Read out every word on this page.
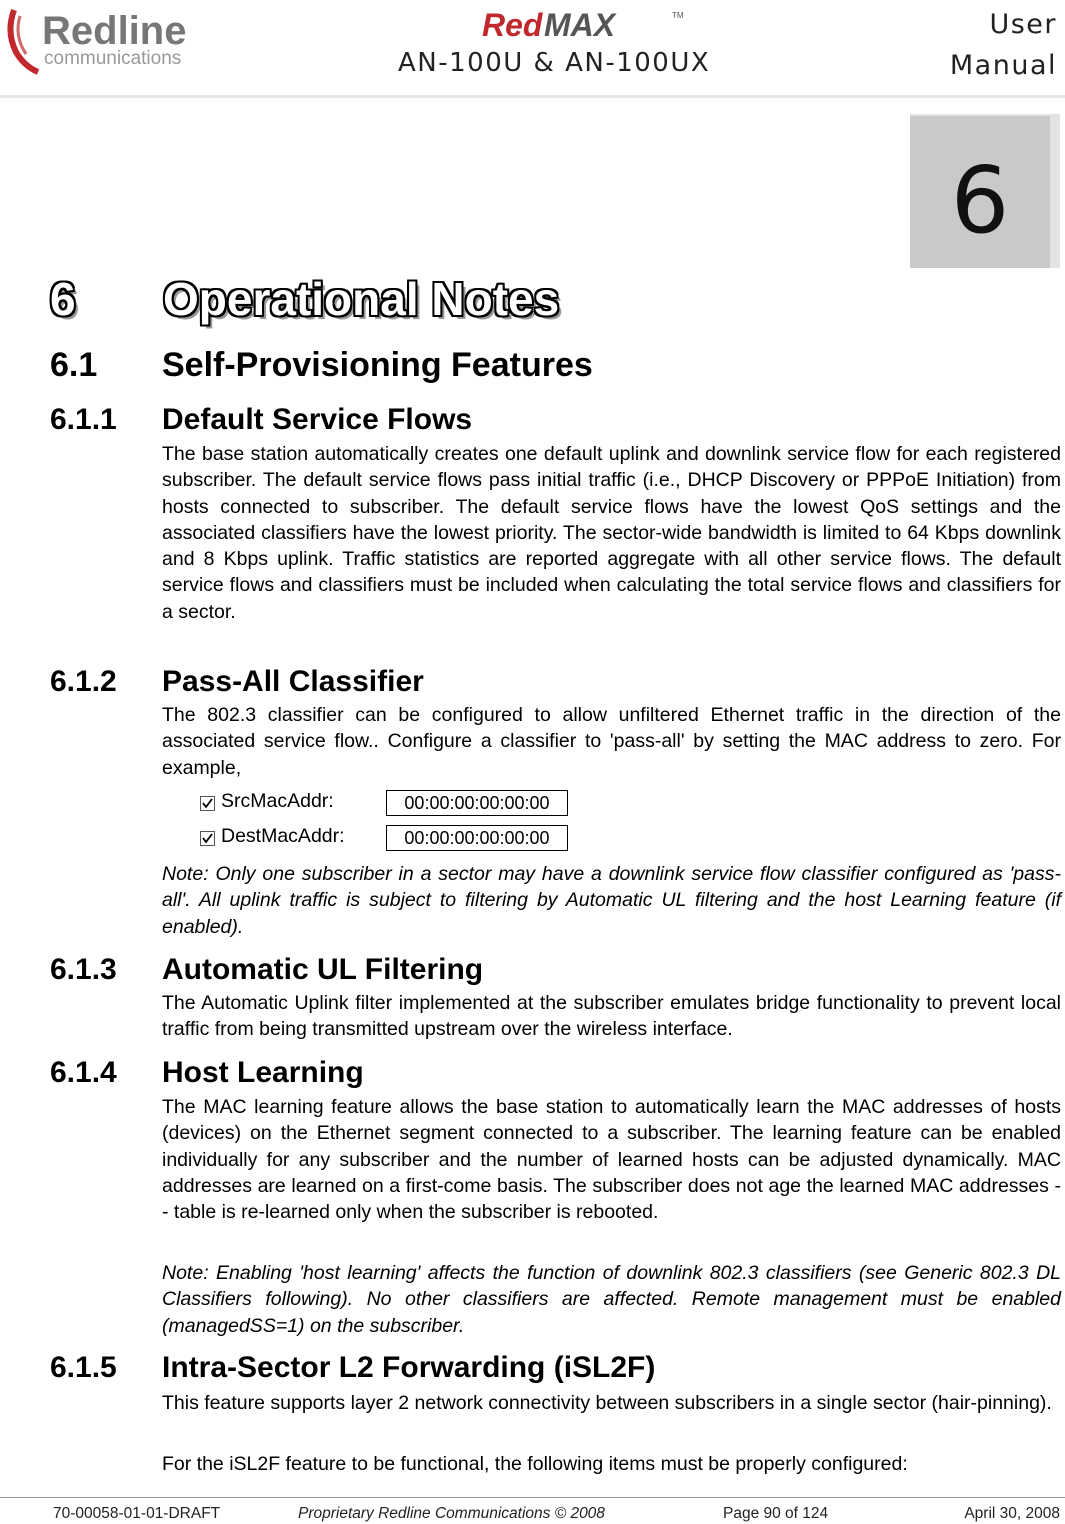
Redline
communications
Red MAX	TM
AN-100U & AN-100UX
User
Manual
6
6 Operational Notes
6.1 Self-Provisioning Features
6.1.1 Default Service Flows
The base station automatically creates one default uplink and downlink service flow for each registered subscriber. The default service flows pass initial traffic (i.e., DHCP Discovery or PPPoE Initiation) from hosts connected to subscriber. The default service flows have the lowest QoS settings and the associated classifiers have the lowest priority. The sector-wide bandwidth is limited to 64 Kbps downlink and 8 Kbps uplink. Traffic statistics are reported aggregate with all other service flows. The default service flows and classifiers must be included when calculating the total service flows and classifiers for a sector.
6.1.2 Pass-All Classifier
The 802.3 classifier can be configured to allow unfiltered Ethernet traffic in the direction of the associated service flow.. Configure a classifier to 'pass-all' by setting the MAC address to zero. For example,
SrcMacAddr:	00:00:00:00:00:00
DestMacAddr:	00:00:00:00:00:00
Note: Only one subscriber in a sector may have a downlink service flow classifier configured as 'pass-all'. All uplink traffic is subject to filtering by Automatic UL filtering and the host Learning feature (if enabled).
6.1.3 Automatic UL Filtering
The Automatic Uplink filter implemented at the subscriber emulates bridge functionality to prevent local traffic from being transmitted upstream over the wireless interface.
6.1.4 Host Learning
The MAC learning feature allows the base station to automatically learn the MAC addresses of hosts (devices) on the Ethernet segment connected to a subscriber. The learning feature can be enabled individually for any subscriber and the number of learned hosts can be adjusted dynamically. MAC addresses are learned on a first-come basis. The subscriber does not age the learned MAC addresses -- table is re-learned only when the subscriber is rebooted.
Note: Enabling 'host learning' affects the function of downlink 802.3 classifiers (see Generic 802.3 DL Classifiers following). No other classifiers are affected. Remote management must be enabled (managedSS=1) on the subscriber.
6.1.5 Intra-Sector L2 Forwarding (iSL2F)
This feature supports layer 2 network connectivity between subscribers in a single sector (hair-pinning).
For the iSL2F feature to be functional, the following items must be properly configured:
70-00058-01-01-DRAFT	Proprietary Redline Communications © 2008	Page 90 of 124	April 30, 2008
